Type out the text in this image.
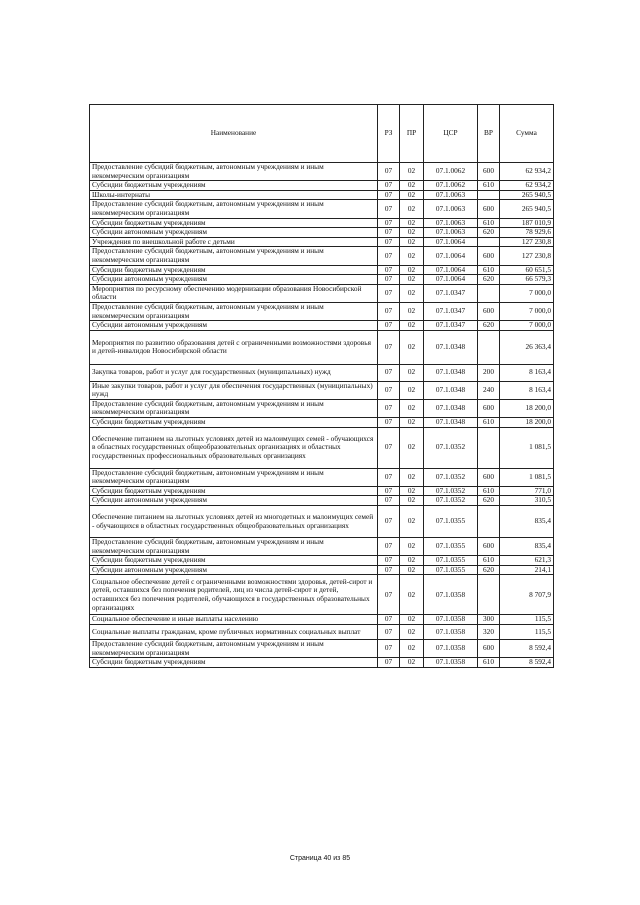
Наименование	РЗ	ПР	ЦСР	ВР	Сумма
Предоставление субсидий бюджетным, автономным учреждениям и иным некоммерческим организациям	07	02	07.1.0062	600	62 934,2
Субсидии бюджетным учреждениям	07	02	07.1.0062	610	62 934,2
Школы-интернаты	07	02	07.1.0063		265 940,5
Предоставление субсидий бюджетным, автономным учреждениям и иным некоммерческим организациям	07	02	07.1.0063	600	265 940,5
Субсидии бюджетным учреждениям	07	02	07.1.0063	610	187 010,9
Субсидии автономным учреждениям	07	02	07.1.0063	620	78 929,6
Учреждения по внешкольной работе с детьми	07	02	07.1.0064		127 230,8
Предоставление субсидий бюджетным, автономным учреждениям и иным некоммерческим организациям	07	02	07.1.0064	600	127 230,8
Субсидии бюджетным учреждениям	07	02	07.1.0064	610	60 651,5
Субсидии автономным учреждениям	07	02	07.1.0064	620	66 579,3
Мероприятия по ресурсному обеспечению модернизации образования Новосибирской области	07	02	07.1.0347		7 000,0
Предоставление субсидий бюджетным, автономным учреждениям и иным некоммерческим организациям	07	02	07.1.0347	600	7 000,0
Субсидии автономным учреждениям	07	02	07.1.0347	620	7 000,0
Мероприятия по развитию образования детей с ограниченными возможностями здоровья и детей-инвалидов Новосибирской области	07	02	07.1.0348		26 363,4
Закупка товаров, работ и услуг для государственных (муниципальных) нужд	07	02	07.1.0348	200	8 163,4
Иные закупки товаров, работ и услуг для обеспечения государственных (муниципальных) нужд	07	02	07.1.0348	240	8 163,4
Предоставление субсидий бюджетным, автономным учреждениям и иным некоммерческим организациям	07	02	07.1.0348	600	18 200,0
Субсидии бюджетным учреждениям	07	02	07.1.0348	610	18 200,0
Обеспечение питанием на льготных условиях детей из малоимущих семей - обучающихся в областных государственных общеобразовательных организациях и областных государственных профессиональных образовательных организациях	07	02	07.1.0352		1 081,5
Предоставление субсидий бюджетным, автономным учреждениям и иным некоммерческим организациям	07	02	07.1.0352	600	1 081,5
Субсидии бюджетным учреждениям	07	02	07.1.0352	610	771,0
Субсидии автономным учреждениям	07	02	07.1.0352	620	310,5
Обеспечение питанием на льготных условиях детей из многодетных и малоимущих семей - обучающихся в областных государственных общеобразовательных организациях	07	02	07.1.0355		835,4
Предоставление субсидий бюджетным, автономным учреждениям и иным некоммерческим организациям	07	02	07.1.0355	600	835,4
Субсидии бюджетным учреждениям	07	02	07.1.0355	610	621,3
Субсидии автономным учреждениям	07	02	07.1.0355	620	214,1
Социальное обеспечение детей с ограниченными возможностями здоровья, детей-сирот и детей, оставшихся без попечения родителей, лиц из числа детей-сирот и детей, оставшихся без попечения родителей, обучающихся в государственных образовательных организациях	07	02	07.1.0358		8 707,9
Социальное обеспечение и иные выплаты населению	07	02	07.1.0358	300	115,5
Социальные выплаты гражданам, кроме публичных нормативных социальных выплат	07	02	07.1.0358	320	115,5
Предоставление субсидий бюджетным, автономным учреждениям и иным некоммерческим организациям	07	02	07.1.0358	600	8 592,4
Субсидии бюджетным учреждениям	07	02	07.1.0358	610	8 592,4
Страница 40 из 85
